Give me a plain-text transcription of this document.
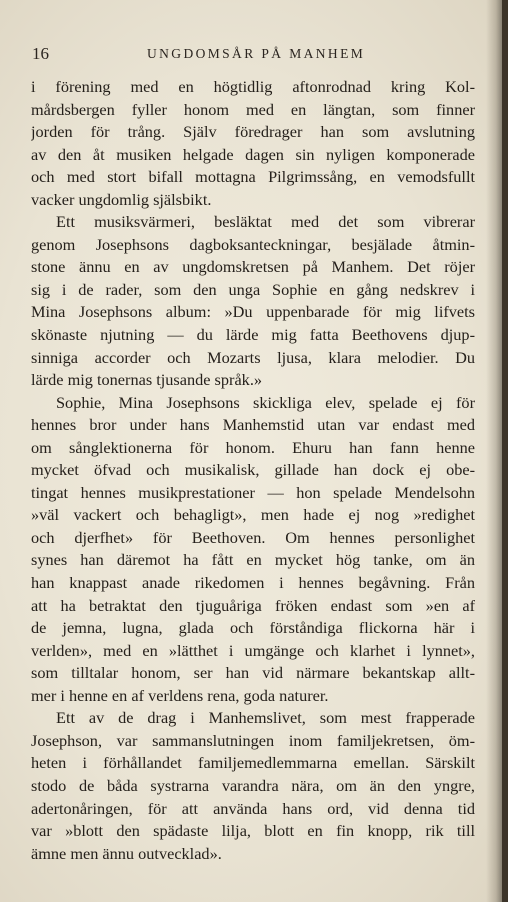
16	UNGDOMSÅR PÅ MANHEM
i förening med en högtidlig aftonrodnad kring Kol-
mårdsbergen fyller honom med en längtan, som finner
jorden för trång. Själv föredrager han som avslutning
av den åt musiken helgade dagen sin nyligen komponerade
och med stort bifall mottagna Pilgrimssång, en vemodsfullt
vacker ungdomlig själsbikt.
Ett musiksvärmeri, besläktat med det som vibrerar
genom Josephsons dagboksanteckningar, besjälade åtmin-
stone ännu en av ungdomskretsen på Manhem. Det röjer
sig i de rader, som den unga Sophie en gång nedskrev i
Mina Josephsons album: »Du uppenbarade för mig lifvets
skönaste njutning — du lärde mig fatta Beethovens djup-
sinniga accorder och Mozarts ljusa, klara melodier. Du
lärde mig tonernas tjusande språk.»
Sophie, Mina Josephsons skickliga elev, spelade ej för
hennes bror under hans Manhemstid utan var endast med
om sånglektionerna för honom. Ehuru han fann henne
mycket öfvad och musikalisk, gillade han dock ej obe-
tingat hennes musikprestationer — hon spelade Mendelsohn
»väl vackert och behagligt», men hade ej nog »redighet
och djerfhet» för Beethoven. Om hennes personlighet
synes han däremot ha fått en mycket hög tanke, om än
han knappast anade rikedomen i hennes begåvning. Från
att ha betraktat den tjuguåriga fröken endast som »en af
de jemna, lugna, glada och förståndiga flickorna här i
verlden», med en »lätthet i umgänge och klarhet i lynnet»,
som tilltalar honom, ser han vid närmare bekantskap allt-
mer i henne en af verldens rena, goda naturer.
Ett av de drag i Manhemslivet, som mest frapperade
Josephson, var sammanslutningen inom familjekretsen, öm-
heten i förhållandet familjemedlemmarna emellan. Särskilt
stodo de båda systrarna varandra nära, om än den yngre,
adertonåringen, för att använda hans ord, vid denna tid
var »blott den spädaste lilja, blott en fin knopp, rik till
ämne men ännu outvecklad».
